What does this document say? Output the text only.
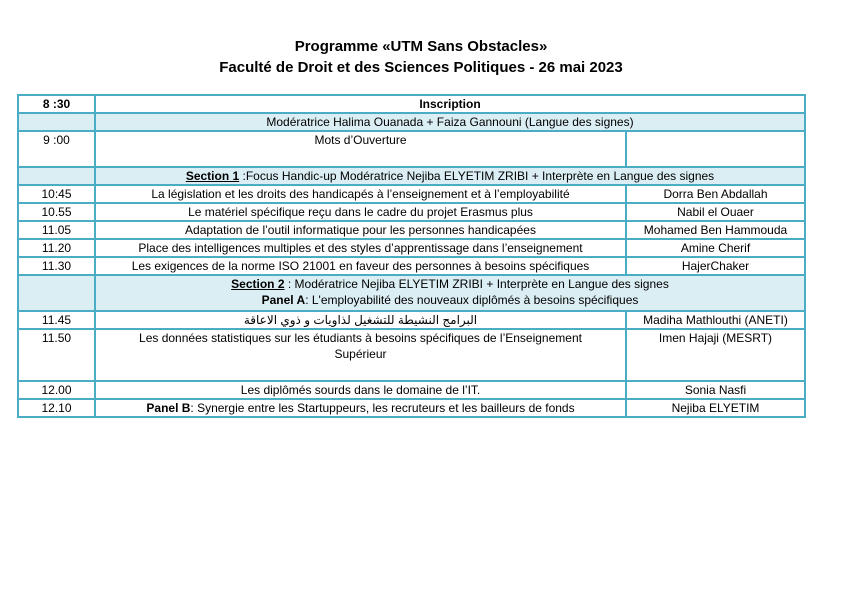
Programme «UTM Sans Obstacles»
Faculté de Droit et des Sciences Politiques - 26 mai 2023
8 :30	Inscription	
	Modératrice Halima Ouanada + Faiza Gannouni (Langue des signes)	
9 :00	Mots d’Ouverture	
	Section 1 :Focus Handic-up Modératrice Nejiba ELYETIM ZRIBI + Interprète en Langue des signes	
10:45	La législation et les droits des handicapés à l’enseignement et à l’employabilité	Dorra Ben Abdallah
10.55	Le matériel spécifique reçu dans le cadre du projet Erasmus plus	Nabil el Ouaer
11.05	Adaptation de l’outil informatique pour les personnes handicapées	Mohamed Ben Hammouda
11.20	Place des intelligences multiples et des styles d’apprentissage dans l’enseignement	Amine Cherif
11.30	Les exigences de la norme ISO 21001 en faveur des personnes à besoins spécifiques	HajerChaker

	Section 2 : Modératrice Nejiba ELYETIM ZRIBI + Interprète en Langue des signes
Panel A: L'employabilité des nouveaux diplômés à besoins spécifiques	

11.45	البرامج النشيطة للتشغيل لذاويات و ذوي الاعاقة	Madiha Mathlouthi (ANETI)
11.50	Les données statistiques sur les étudiants à besoins spécifiques de l’Enseignement Supérieur	Imen Hajaji (MESRT)
12.00	Les diplômés sourds dans le domaine de l’IT.	Sonia Nasfi
12.10	Panel B: Synergie entre les Startuppeurs, les recruteurs et les bailleurs de fonds	Nejiba ELYETIM
